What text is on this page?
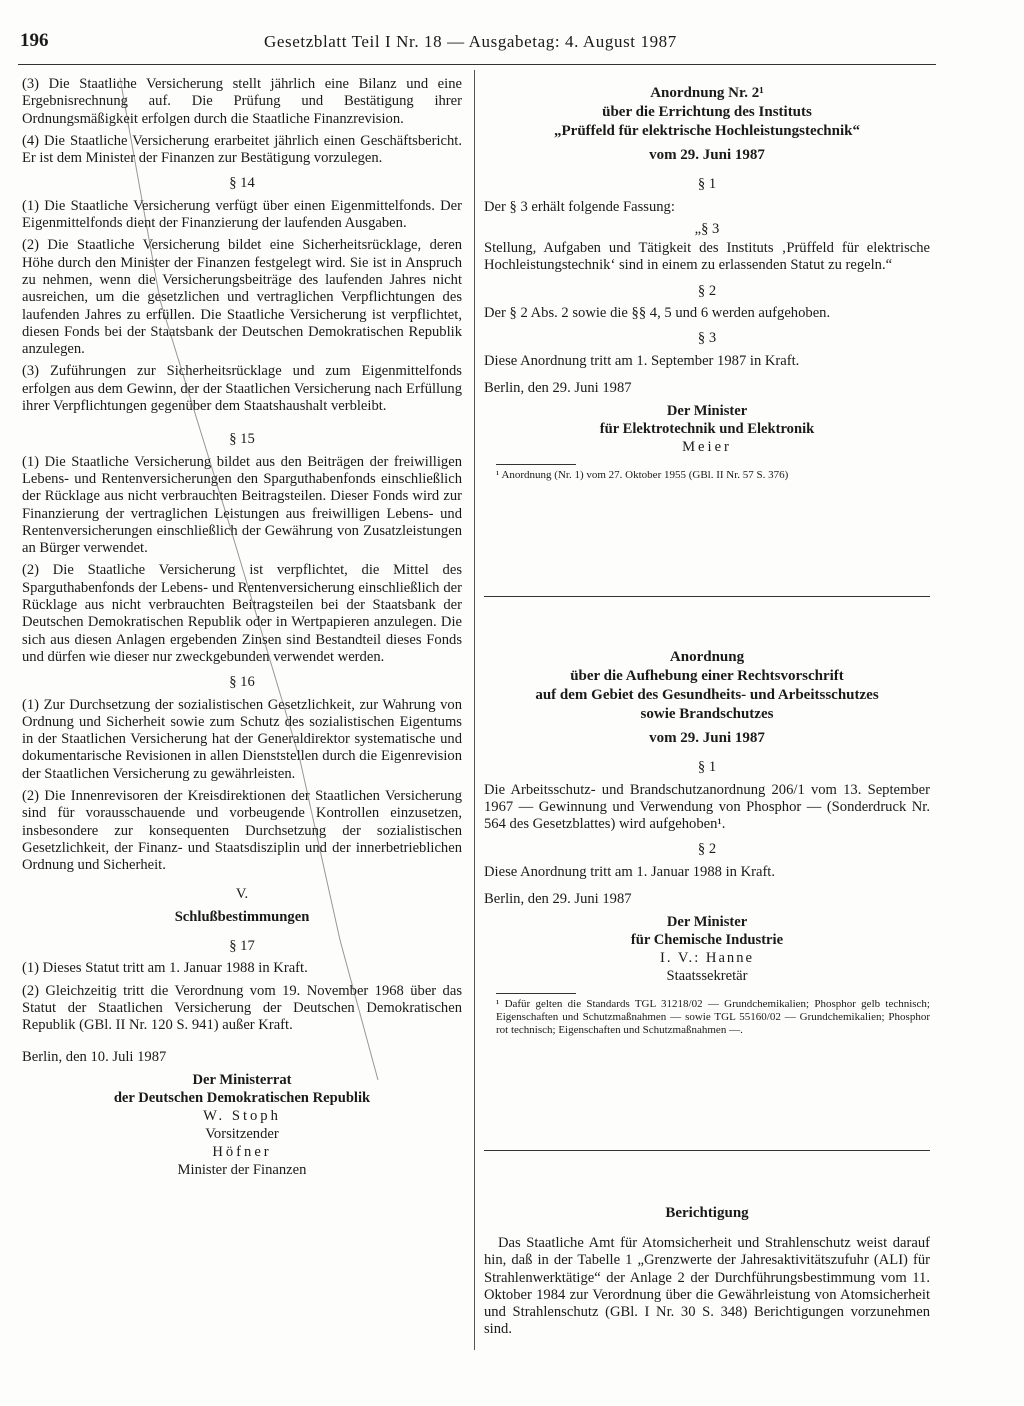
196	Gesetzblatt Teil I Nr. 18 — Ausgabetag: 4. August 1987

(3) Die Staatliche Versicherung stellt jährlich eine Bilanz und eine Ergebnisrechnung auf. Die Prüfung und Bestätigung ihrer Ordnungsmäßigkeit erfolgen durch die Staatliche Finanzrevision.

(4) Die Staatliche Versicherung erarbeitet jährlich einen Geschäftsbericht. Er ist dem Minister der Finanzen zur Bestätigung vorzulegen.

§ 14

(1) Die Staatliche Versicherung verfügt über einen Eigenmittelfonds. Der Eigenmittelfonds dient der Finanzierung der laufenden Ausgaben.

(2) Die Staatliche Versicherung bildet eine Sicherheitsrücklage, deren Höhe durch den Minister der Finanzen festgelegt wird. Sie ist in Anspruch zu nehmen, wenn die Versicherungsbeiträge des laufenden Jahres nicht ausreichen, um die gesetzlichen und vertraglichen Verpflichtungen des laufenden Jahres zu erfüllen. Die Staatliche Versicherung ist verpflichtet, diesen Fonds bei der Staatsbank der Deutschen Demokratischen Republik anzulegen.

(3) Zuführungen zur Sicherheitsrücklage und zum Eigenmittelfonds erfolgen aus dem Gewinn, der der Staatlichen Versicherung nach Erfüllung ihrer Verpflichtungen gegenüber dem Staatshaushalt verbleibt.

§ 15

(1) Die Staatliche Versicherung bildet aus den Beiträgen der freiwilligen Lebens- und Rentenversicherungen den Sparguthabenfonds einschließlich der Rücklage aus nicht verbrauchten Beitragsteilen. Dieser Fonds wird zur Finanzierung der vertraglichen Leistungen aus freiwilligen Lebens- und Rentenversicherungen einschließlich der Gewährung von Zusatzleistungen an Bürger verwendet.

(2) Die Staatliche Versicherung ist verpflichtet, die Mittel des Sparguthabenfonds der Lebens- und Rentenversicherung einschließlich der Rücklage aus nicht verbrauchten Beitragsteilen bei der Staatsbank der Deutschen Demokratischen Republik oder in Wertpapieren anzulegen. Die sich aus diesen Anlagen ergebenden Zinsen sind Bestandteil dieses Fonds und dürfen wie dieser nur zweckgebunden verwendet werden.

§ 16

(1) Zur Durchsetzung der sozialistischen Gesetzlichkeit, zur Wahrung von Ordnung und Sicherheit sowie zum Schutz des sozialistischen Eigentums in der Staatlichen Versicherung hat der Generaldirektor systematische und dokumentarische Revisionen in allen Dienststellen durch die Eigenrevision der Staatlichen Versicherung zu gewährleisten.

(2) Die Innenrevisoren der Kreisdirektionen der Staatlichen Versicherung sind für vorausschauende und vorbeugende Kontrollen einzusetzen, insbesondere zur konsequenten Durchsetzung der sozialistischen Gesetzlichkeit, der Finanz- und Staatsdisziplin und der innerbetrieblichen Ordnung und Sicherheit.

V.
Schlußbestimmungen
§ 17

(1) Dieses Statut tritt am 1. Januar 1988 in Kraft.

(2) Gleichzeitig tritt die Verordnung vom 19. November 1968 über das Statut der Staatlichen Versicherung der Deutschen Demokratischen Republik (GBl. II Nr. 120 S. 941) außer Kraft.

Berlin, den 10. Juli 1987

Der Ministerrat
der Deutschen Demokratischen Republik
W. Stoph
Vorsitzender
Höfner
Minister der Finanzen
Anordnung Nr. 2¹
über die Errichtung des Instituts
„Prüffeld für elektrische Hochleistungstechnik“
vom 29. Juni 1987
§ 1

Der § 3 erhält folgende Fassung:

„§ 3

Stellung, Aufgaben und Tätigkeit des Instituts ‚Prüffeld für elektrische Hochleistungstechnik‘ sind in einem zu erlassenden Statut zu regeln.“

§ 2

Der § 2 Abs. 2 sowie die §§ 4, 5 und 6 werden aufgehoben.

§ 3

Diese Anordnung tritt am 1. September 1987 in Kraft.

Berlin, den 29. Juni 1987

Der Minister
für Elektrotechnik und Elektronik
Meier
¹ Anordnung (Nr. 1) vom 27. Oktober 1955 (GBl. II Nr. 57 S. 376)
Anordnung
über die Aufhebung einer Rechtsvorschrift
auf dem Gebiet des Gesundheits- und Arbeitsschutzes
sowie Brandschutzes
vom 29. Juni 1987
§ 1

Die Arbeitsschutz- und Brandschutzanordnung 206/1 vom 13. September 1967 — Gewinnung und Verwendung von Phosphor — (Sonderdruck Nr. 564 des Gesetzblattes) wird aufgehoben¹.

§ 2

Diese Anordnung tritt am 1. Januar 1988 in Kraft.

Berlin, den 29. Juni 1987

Der Minister
für Chemische Industrie
I. V.: Hanne
Staatssekretär
¹ Dafür gelten die Standards TGL 31218/02 — Grundchemikalien; Phosphor gelb technisch; Eigenschaften und Schutzmaßnahmen — sowie TGL 55160/02 — Grundchemikalien; Phosphor rot technisch; Eigenschaften und Schutzmaßnahmen —.
Berichtigung

Das Staatliche Amt für Atomsicherheit und Strahlenschutz weist darauf hin, daß in der Tabelle 1 „Grenzwerte der Jahresaktivitätszufuhr (ALI) für Strahlenwerktätige“ der Anlage 2 der Durchführungsbestimmung vom 11. Oktober 1984 zur Verordnung über die Gewährleistung von Atomsicherheit und Strahlenschutz (GBl. I Nr. 30 S. 348) Berichtigungen vorzunehmen sind.
